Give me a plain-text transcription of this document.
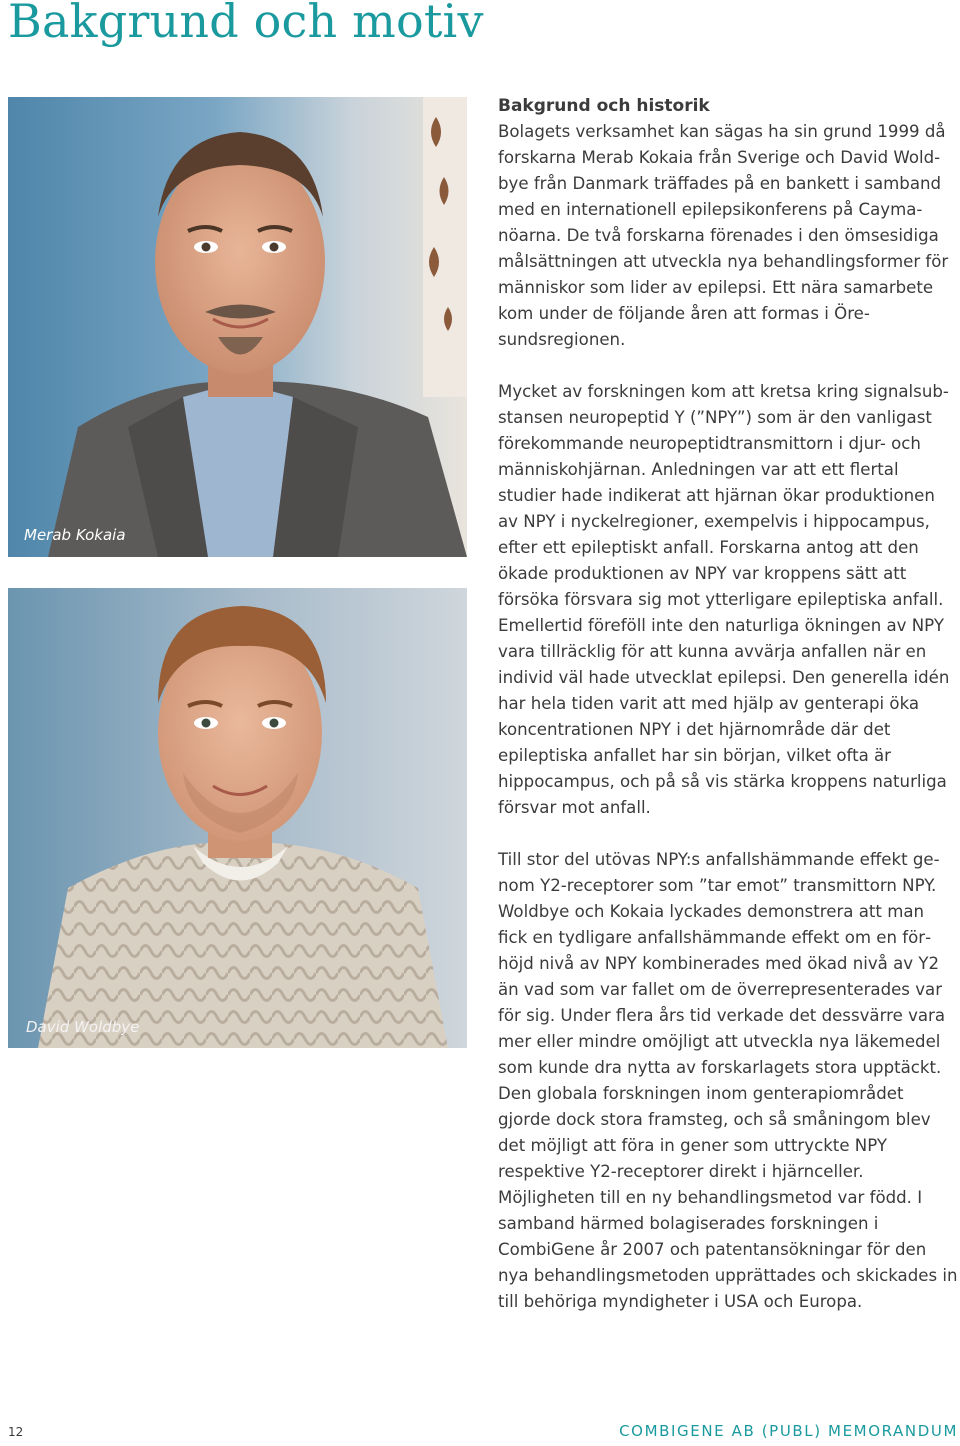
Bakgrund och motiv
Merab Kokaia
David Woldbye
Bakgrund och historik

Bolagets verksamhet kan sägas ha sin grund 1999 då forskarna Merab Kokaia från Sverige och David Woldbye från Danmark träffades på en bankett i samband med en internationell epilepsikonferens på Caymanöarna. De två forskarna förenades i den ömsesidiga målsättningen att utveckla nya behandlingsformer för människor som lider av epilepsi. Ett nära samarbete kom under de följande åren att formas i Öresundsregionen.

Mycket av forskningen kom att kretsa kring signalsubstansen neuropeptid Y (”NPY”) som är den vanligast förekommande neuropeptidtransmittorn i djur- och människohjärnan. Anledningen var att ett flertal studier hade indikerat att hjärnan ökar produktionen av NPY i nyckelregioner, exempelvis i hippocampus, efter ett epileptiskt anfall. Forskarna antog att den ökade produktionen av NPY var kroppens sätt att försöka försvara sig mot ytterligare epileptiska anfall. Emellertid föreföll inte den naturliga ökningen av NPY vara tillräcklig för att kunna avvärja anfallen när en individ väl hade utvecklat epilepsi. Den generella idén har hela tiden varit att med hjälp av genterapi öka koncentrationen NPY i det hjärnområde där det epileptiska anfallet har sin början, vilket ofta är hippocampus, och på så vis stärka kroppens naturliga försvar mot anfall.

Till stor del utövas NPY:s anfallshämmande effekt genom Y2-receptorer som ”tar emot” transmittorn NPY. Woldbye och Kokaia lyckades demonstrera att man fick en tydligare anfallshämmande effekt om en förhöjd nivå av NPY kombinerades med ökad nivå av Y2 än vad som var fallet om de överrepresenterades var för sig. Under flera års tid verkade det dessvärre vara mer eller mindre omöjligt att utveckla nya läkemedel som kunde dra nytta av forskarlagets stora upptäckt. Den globala forskningen inom genterapiområdet gjorde dock stora framsteg, och så småningom blev det möjligt att föra in gener som uttryckte NPY respektive Y2-receptorer direkt i hjärnceller. Möjligheten till en ny behandlingsmetod var född. I samband härmed bolagiserades forskningen i CombiGene år 2007 och patentansökningar för den nya behandlingsmetoden upprättades och skickades in till behöriga myndigheter i USA och Europa.

12	COMBIGENE AB (PUBL) MEMORANDUM
